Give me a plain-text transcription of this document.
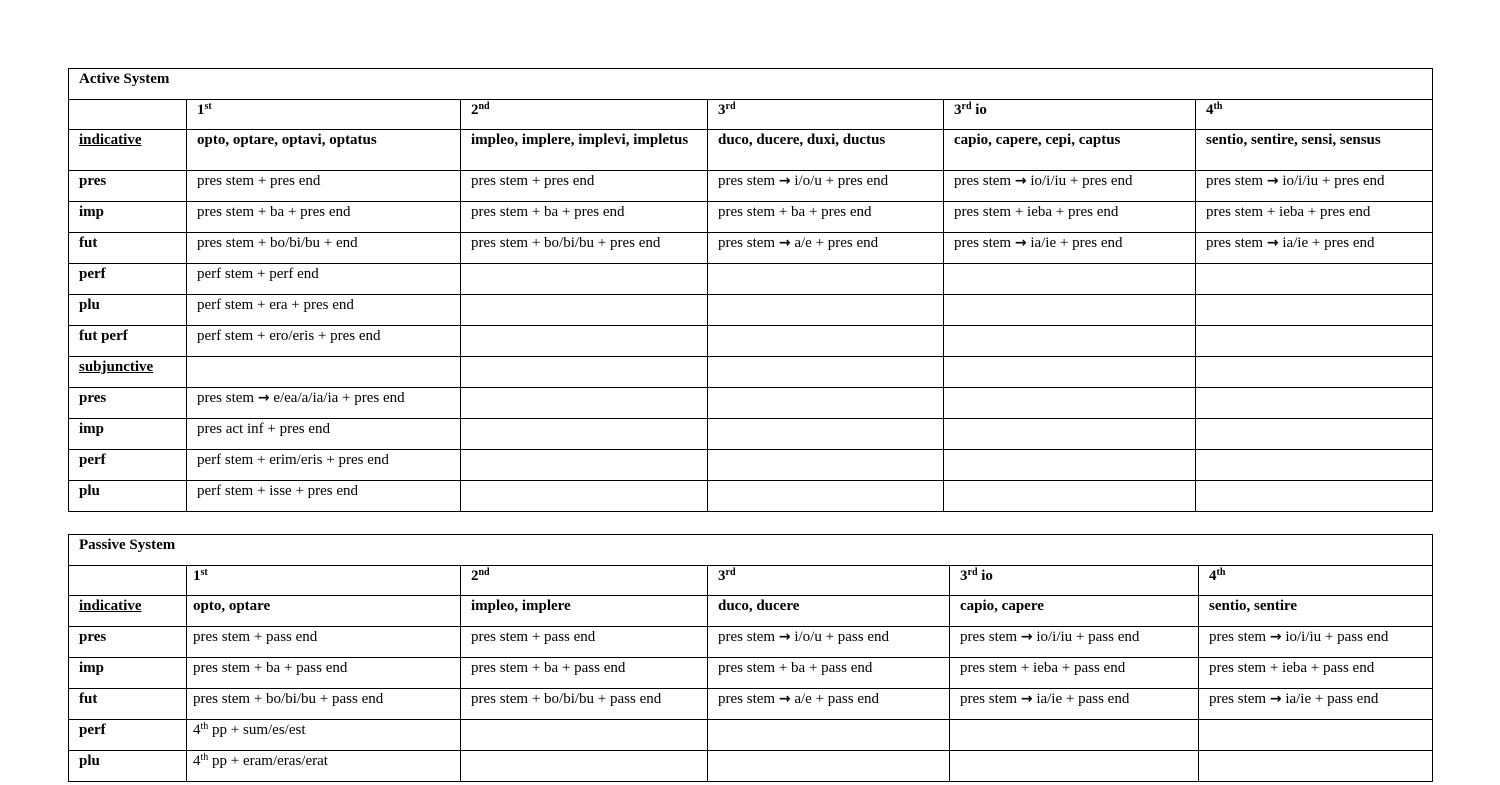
Active System					
	1st	2nd	3rd	3rd io	4th
indicative	opto, optare, optavi, optatus	impleo, implere, implevi, impletus	duco, ducere, duxi, ductus	capio, capere, cepi, captus	sentio, sentire, sensi, sensus
pres	pres stem + pres end	pres stem + pres end	pres stem → i/o/u + pres end	pres stem → io/i/iu + pres end	pres stem → io/i/iu + pres end
imp	pres stem + ba + pres end	pres stem + ba + pres end	pres stem + ba + pres end	pres stem + ieba + pres end	pres stem + ieba + pres end
fut	pres stem + bo/bi/bu + end	pres stem + bo/bi/bu + pres end	pres stem → a/e + pres end	pres stem → ia/ie + pres end	pres stem → ia/ie + pres end
perf	perf stem + perf end				
plu	perf stem + era + pres end				
fut perf	perf stem + ero/eris + pres end				
subjunctive					
pres	pres stem → e/ea/a/ia/ia + pres end				
imp	pres act inf + pres end				
perf	perf stem + erim/eris + pres end				
plu	perf stem + isse + pres end				
Passive System					
	1st	2nd	3rd	3rd io	4th
indicative	opto, optare	impleo, implere	duco, ducere	capio, capere	sentio, sentire
pres	pres stem + pass end	pres stem + pass end	pres stem → i/o/u + pass end	pres stem → io/i/iu + pass end	pres stem → io/i/iu + pass end
imp	pres stem + ba + pass end	pres stem + ba + pass end	pres stem + ba + pass end	pres stem + ieba + pass end	pres stem + ieba + pass end
fut	pres stem + bo/bi/bu + pass end	pres stem + bo/bi/bu + pass end	pres stem → a/e + pass end	pres stem → ia/ie + pass end	pres stem → ia/ie + pass end
perf	4th pp + sum/es/est				
plu	4th pp + eram/eras/erat				
